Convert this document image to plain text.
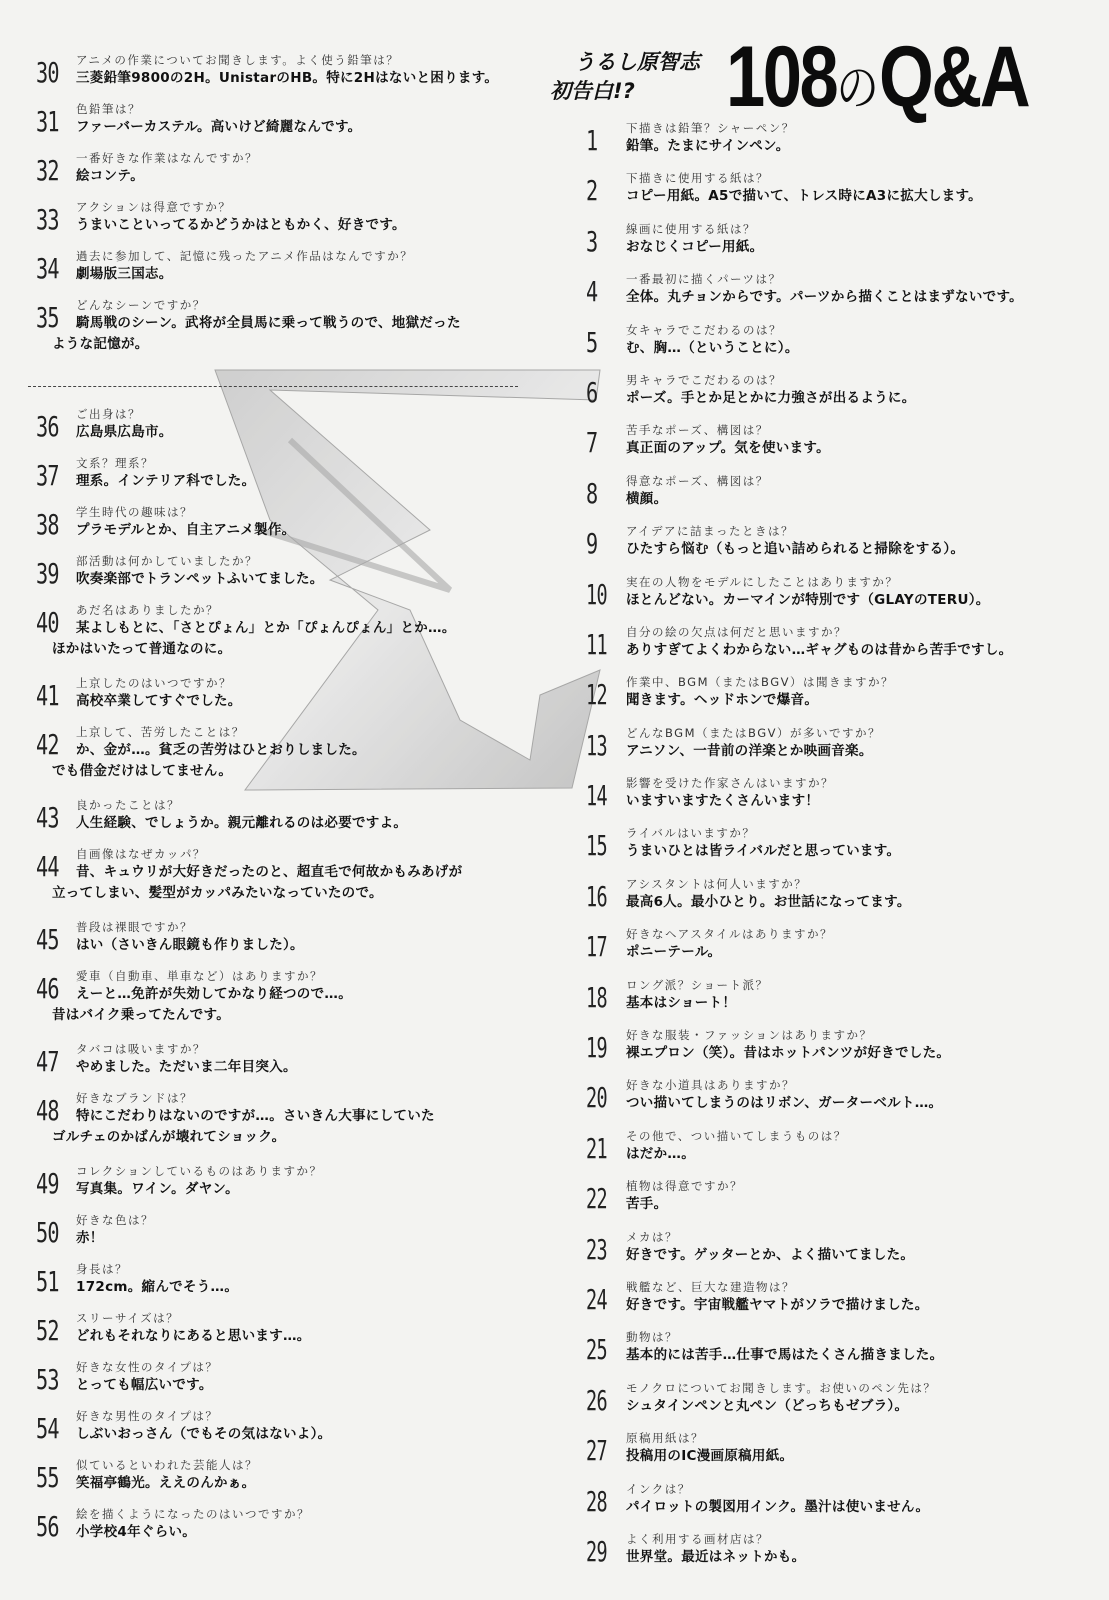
うるし原智志
初告白!? 108のQ&A
30	アニメの作業についてお聞きします。よく使う鉛筆は？
三菱鉛筆9800の2H。UnistarのHB。特に2Hはないと困ります。
31	色鉛筆は？
ファーバーカステル。高いけど綺麗なんです。
32	一番好きな作業はなんですか？
絵コンテ。
33	アクションは得意ですか？
うまいこといってるかどうかはともかく、好きです。
34	過去に参加して、記憶に残ったアニメ作品はなんですか？
劇場版三国志。
35	どんなシーンですか？
騎馬戦のシーン。武将が全員馬に乗って戦うので、地獄だった
ような記憶が。
36	ご出身は？
広島県広島市。
37	文系？理系？
理系。インテリア科でした。
38	学生時代の趣味は？
プラモデルとか、自主アニメ製作。
39	部活動は何かしていましたか？
吹奏楽部でトランペットふいてました。
40	あだ名はありましたか？
某よしもとに、「さとぴょん」とか「ぴょんぴょん」とか…。
ほかはいたって普通なのに。
41	上京したのはいつですか？
高校卒業してすぐでした。
42	上京して、苦労したことは？
か、金が…。貧乏の苦労はひとおりしました。
でも借金だけはしてません。
43	良かったことは？
人生経験、でしょうか。親元離れるのは必要ですよ。
44	自画像はなぜカッパ？
昔、キュウリが大好きだったのと、超直毛で何故かもみあげが
立ってしまい、髪型がカッパみたいなっていたので。
45	普段は裸眼ですか？
はい（さいきん眼鏡も作りました）。
46	愛車（自動車、単車など）はありますか？
えーと…免許が失効してかなり経つので…。
昔はバイク乗ってたんです。
47	タバコは吸いますか？
やめました。ただいま二年目突入。
48	好きなブランドは？
特にこだわりはないのですが…。さいきん大事にしていた
ゴルチェのかばんが壊れてショック。
49	コレクションしているものはありますか？
写真集。ワイン。ダヤン。
50	好きな色は？
赤！
51	身長は？
172cm。縮んでそう…。
52	スリーサイズは？
どれもそれなりにあると思います…。
53	好きな女性のタイプは？
とっても幅広いです。
54	好きな男性のタイプは？
しぶいおっさん（でもその気はないよ）。
55	似ているといわれた芸能人は？
笑福亭鶴光。ええのんかぁ。
56	絵を描くようになったのはいつですか？
小学校4年ぐらい。
1	下描きは鉛筆？シャーペン？
鉛筆。たまにサインペン。
2	下描きに使用する紙は？
コピー用紙。A5で描いて、トレス時にA3に拡大します。
3	線画に使用する紙は？
おなじくコピー用紙。
4	一番最初に描くパーツは？
全体。丸チョンからです。パーツから描くことはまずないです。
5	女キャラでこだわるのは？
む、胸…（ということに）。
6	男キャラでこだわるのは？
ポーズ。手とか足とかに力強さが出るように。
7	苦手なポーズ、構図は？
真正面のアップ。気を使います。
8	得意なポーズ、構図は？
横顔。
9	アイデアに詰まったときは？
ひたすら悩む（もっと追い詰められると掃除をする）。
10	実在の人物をモデルにしたことはありますか？
ほとんどない。カーマインが特別です（GLAYのTERU）。
11	自分の絵の欠点は何だと思いますか？
ありすぎてよくわからない…ギャグものは昔から苦手ですし。
12	作業中、BGM（またはBGV）は聞きますか？
聞きます。ヘッドホンで爆音。
13	どんなBGM（またはBGV）が多いですか？
アニソン、一昔前の洋楽とか映画音楽。
14	影響を受けた作家さんはいますか？
いますいますたくさんいます！
15	ライバルはいますか？
うまいひとは皆ライバルだと思っています。
16	アシスタントは何人いますか？
最高6人。最小ひとり。お世話になってます。
17	好きなヘアスタイルはありますか？
ポニーテール。
18	ロング派？ショート派？
基本はショート！
19	好きな服装・ファッションはありますか？
裸エプロン（笑）。昔はホットパンツが好きでした。
20	好きな小道具はありますか？
つい描いてしまうのはリボン、ガーターベルト…。
21	その他で、つい描いてしまうものは？
はだか…。
22	植物は得意ですか？
苦手。
23	メカは？
好きです。ゲッターとか、よく描いてました。
24	戦艦など、巨大な建造物は？
好きです。宇宙戦艦ヤマトがソラで描けました。
25	動物は？
基本的には苦手…仕事で馬はたくさん描きました。
26	モノクロについてお聞きします。お使いのペン先は？
シュタインペンと丸ペン（どっちもゼブラ）。
27	原稿用紙は？
投稿用のIC漫画原稿用紙。
28	インクは？
パイロットの製図用インク。墨汁は使いません。
29	よく利用する画材店は？
世界堂。最近はネットかも。
